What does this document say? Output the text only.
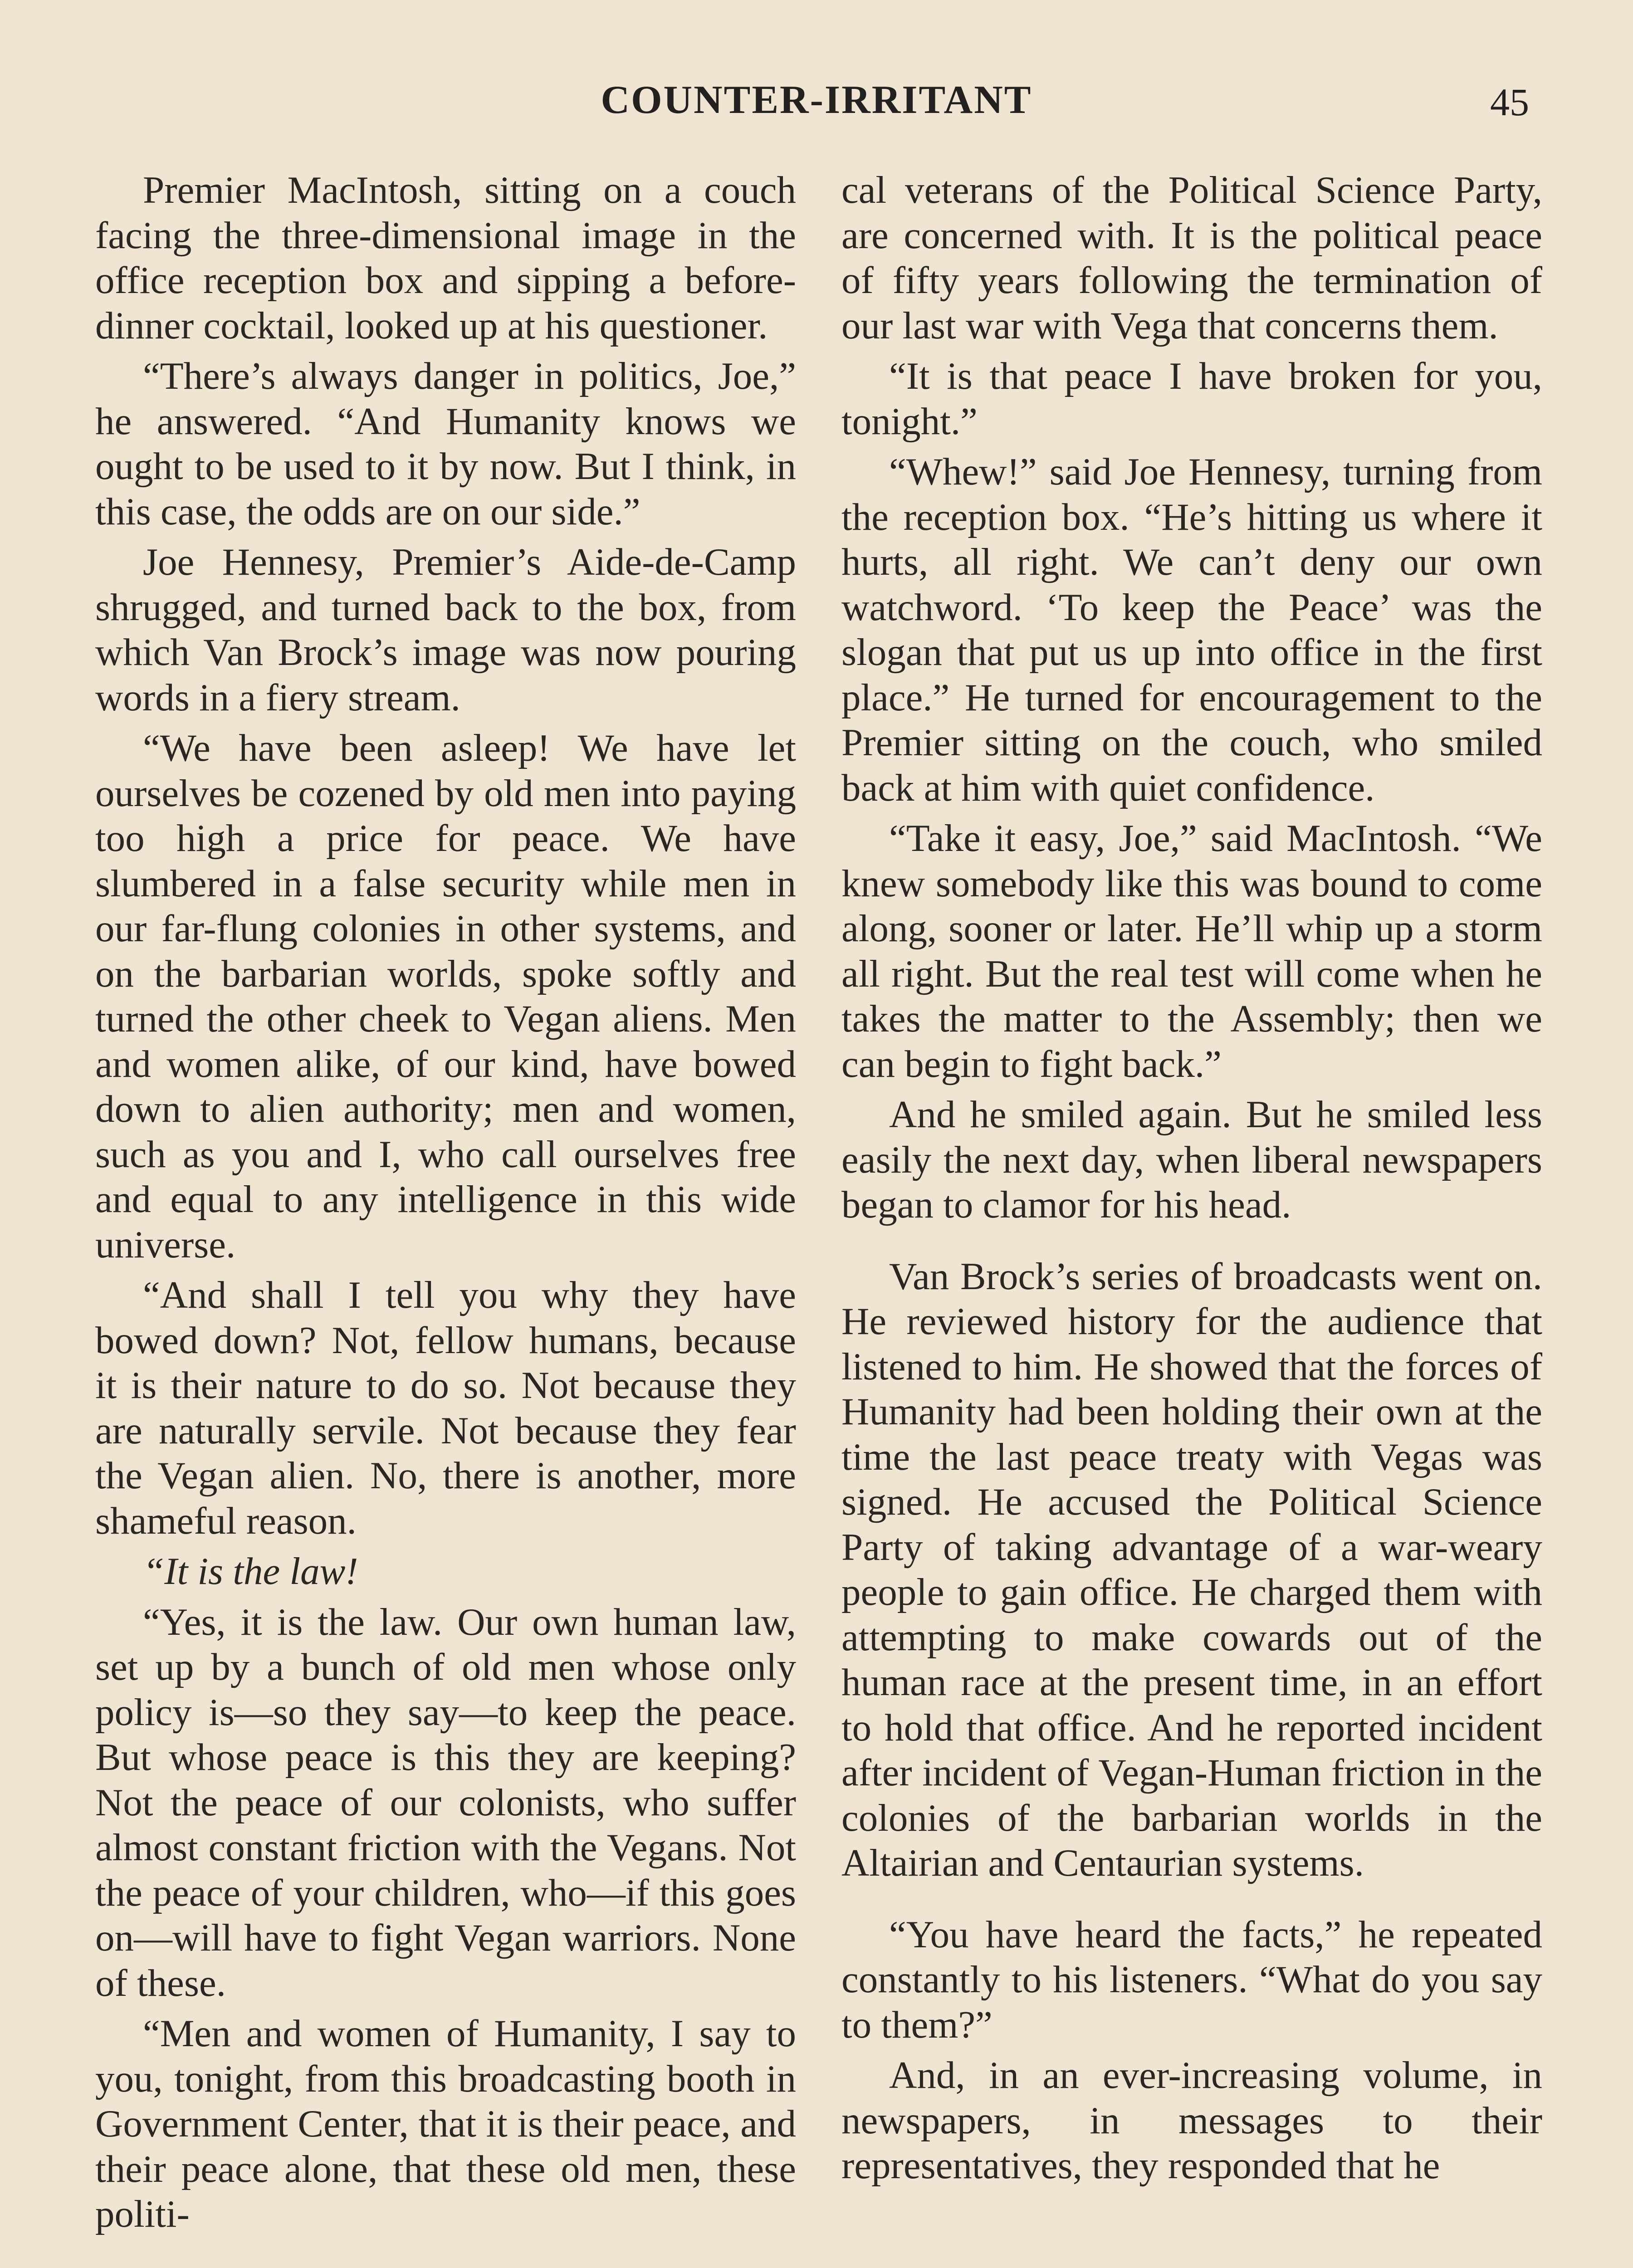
COUNTER-IRRITANT	45

Premier MacIntosh, sitting on a couch facing the three-dimensional image in the office reception box and sipping a before-dinner cocktail, looked up at his questioner.

“There’s always danger in politics, Joe,” he answered. “And Humanity knows we ought to be used to it by now. But I think, in this case, the odds are on our side.”

Joe Hennesy, Premier’s Aide-de-Camp shrugged, and turned back to the box, from which Van Brock’s image was now pouring words in a fiery stream.

“We have been asleep! We have let ourselves be cozened by old men into paying too high a price for peace. We have slumbered in a false security while men in our far-flung colonies in other systems, and on the barbarian worlds, spoke softly and turned the other cheek to Vegan aliens. Men and women alike, of our kind, have bowed down to alien authority; men and women, such as you and I, who call ourselves free and equal to any intelligence in this wide universe.

“And shall I tell you why they have bowed down? Not, fellow humans, because it is their nature to do so. Not because they are naturally servile. Not because they fear the Vegan alien. No, there is another, more shameful reason.

“It is the law!

“Yes, it is the law. Our own human law, set up by a bunch of old men whose only policy is—so they say—to keep the peace. But whose peace is this they are keeping? Not the peace of our colonists, who suffer almost constant friction with the Vegans. Not the peace of your children, who—if this goes on—will have to fight Vegan warriors. None of these.

“Men and women of Humanity, I say to you, tonight, from this broadcasting booth in Government Center, that it is their peace, and their peace alone, that these old men, these politi-

cal veterans of the Political Science Party, are concerned with. It is the political peace of fifty years following the termination of our last war with Vega that concerns them.

“It is that peace I have broken for you, tonight.”

“Whew!” said Joe Hennesy, turning from the reception box. “He’s hitting us where it hurts, all right. We can’t deny our own watchword. ‘To keep the Peace’ was the slogan that put us up into office in the first place.” He turned for encouragement to the Premier sitting on the couch, who smiled back at him with quiet confidence.

“Take it easy, Joe,” said MacIntosh. “We knew somebody like this was bound to come along, sooner or later. He’ll whip up a storm all right. But the real test will come when he takes the matter to the Assembly; then we can begin to fight back.”

And he smiled again. But he smiled less easily the next day, when liberal newspapers began to clamor for his head.

Van Brock’s series of broadcasts went on. He reviewed history for the audience that listened to him. He showed that the forces of Humanity had been holding their own at the time the last peace treaty with Vegas was signed. He accused the Political Science Party of taking advantage of a war-weary people to gain office. He charged them with attempting to make cowards out of the human race at the present time, in an effort to hold that office. And he reported incident after incident of Vegan-Human friction in the colonies of the barbarian worlds in the Altairian and Centaurian systems.

“You have heard the facts,” he repeated constantly to his listeners. “What do you say to them?”

And, in an ever-increasing volume, in newspapers, in messages to their representatives, they responded that he
